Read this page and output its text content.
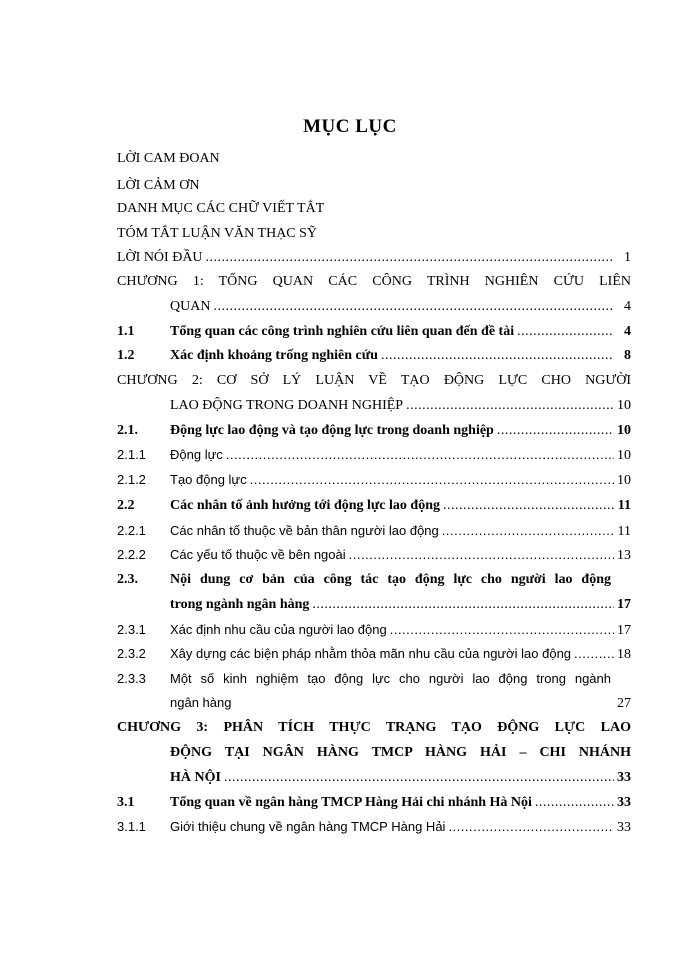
MỤC LỤC
LỜI CAM ĐOAN
LỜI CẢM ƠN
DANH MỤC CÁC CHỮ VIẾT TẮT
TÓM TẮT LUẬN VĂN THẠC SỸ
LỜI NÓI ĐẦU .....	1
CHƯƠNG 1: TỔNG QUAN CÁC CÔNG TRÌNH NGHIÊN CỨU LIÊN
QUAN .....	4
1.1	Tổng quan các công trình nghiên cứu liên quan đến đề tài .....	4
1.2	Xác định khoảng trống nghiên cứu .....	8
CHƯƠNG 2: CƠ SỞ LÝ LUẬN VỀ TẠO ĐỘNG LỰC CHO NGƯỜI
LAO ĐỘNG TRONG DOANH NGHIỆP .....	10
2.1.	Động lực lao động và tạo động lực trong doanh nghiệp .....	10
2.1.1	Động lực .....	10
2.1.2	Tạo động lực .....	10
2.2	Các nhân tố ảnh hưởng tới động lực lao động .....	11
2.2.1	Các nhân tố thuộc về bản thân người lao động .....	11
2.2.2	Các yếu tố thuộc về bên ngoài .....	13
2.3.	Nội dung cơ bản của công tác tạo động lực cho người lao động
trong ngành ngân hàng .....	17
2.3.1	Xác định nhu cầu của người lao động .....	17
2.3.2	Xây dựng các biện pháp nhằm thỏa mãn nhu cầu của người lao động .....	18
2.3.3	Một số kinh nghiệm tạo động lực cho người lao động trong ngành
ngân hàng	27
CHƯƠNG 3: PHÂN TÍCH THỰC TRẠNG TẠO ĐỘNG LỰC LAO
ĐỘNG TẠI NGÂN HÀNG TMCP HÀNG HẢI – CHI NHÁNH
HÀ NỘI .....	33
3.1	Tổng quan về ngân hàng TMCP Hàng Hải chi nhánh Hà Nội .....	33
3.1.1	Giới thiệu chung về ngân hàng TMCP Hàng Hải .....	33
